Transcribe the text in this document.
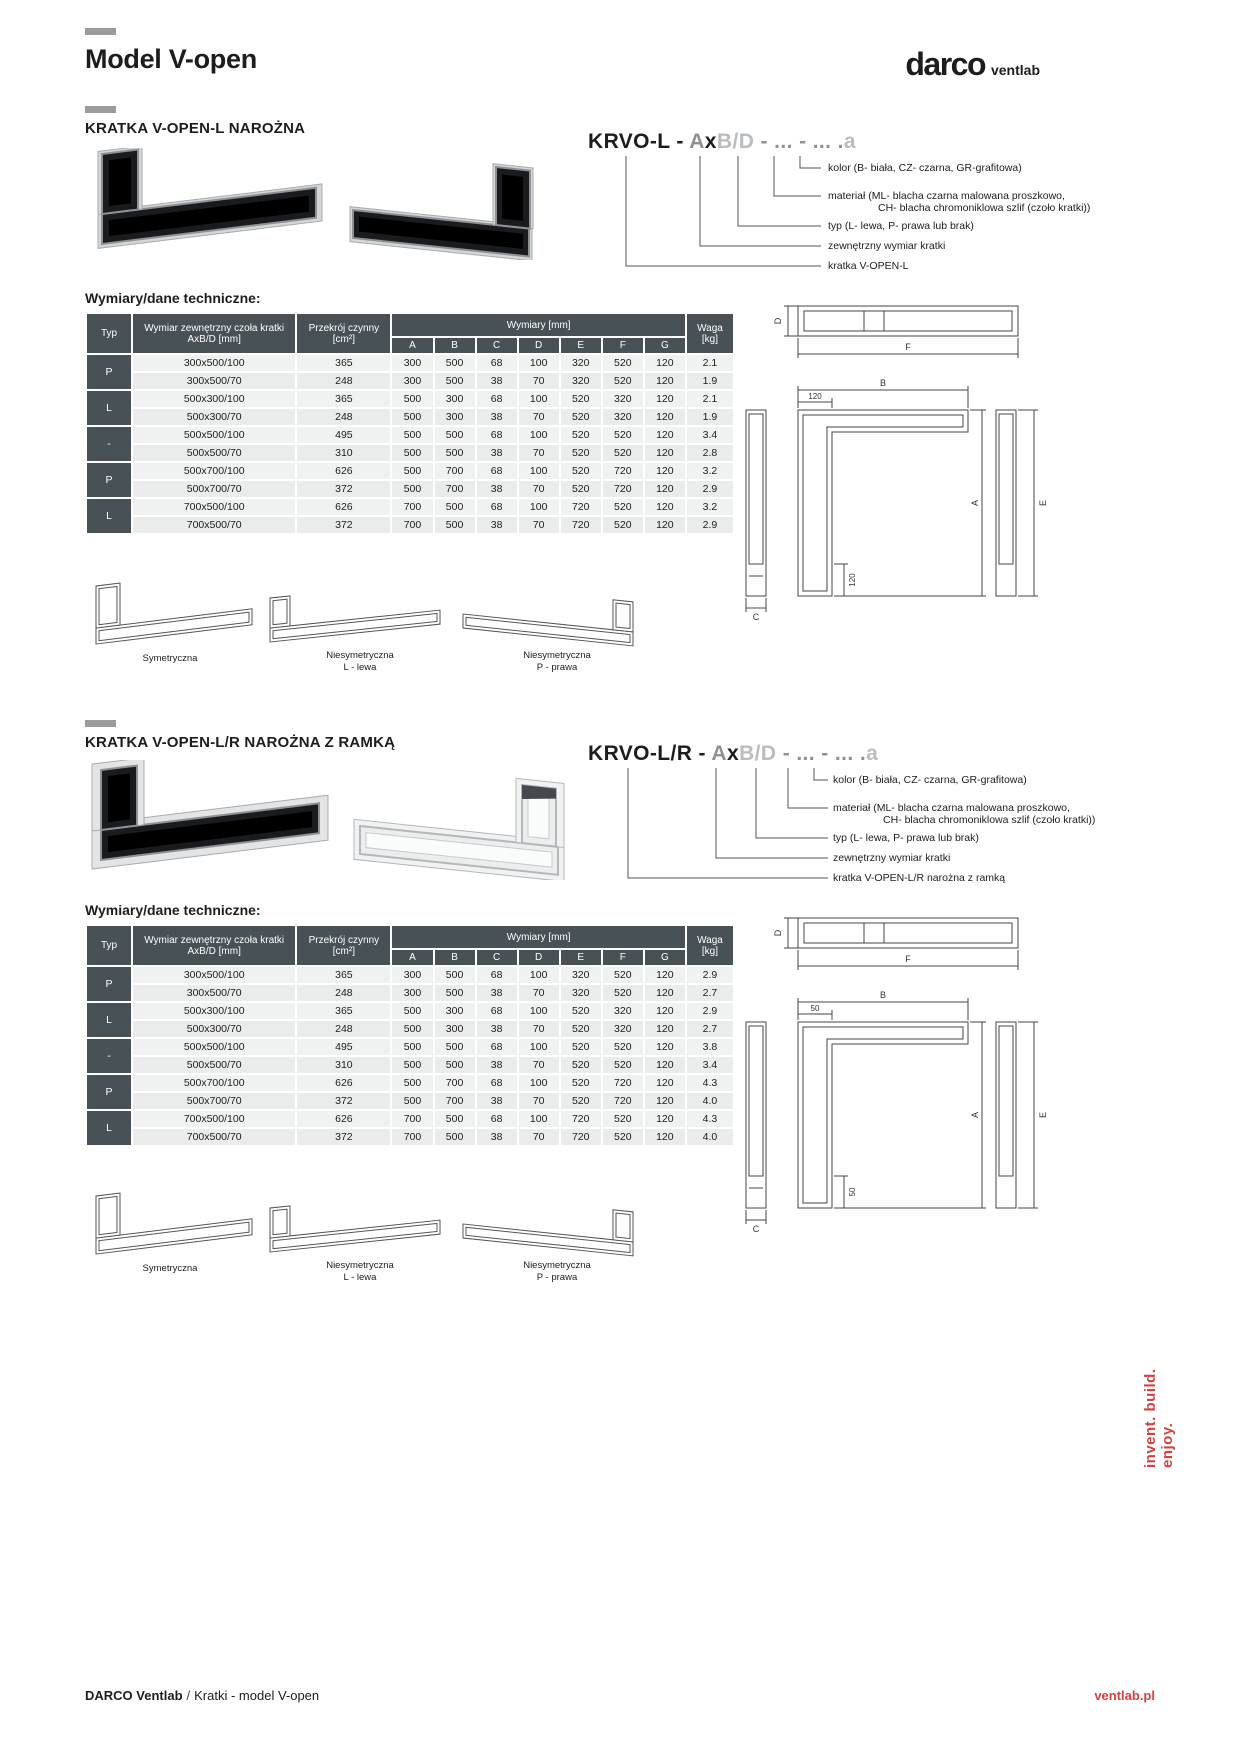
Model V-open	darco ventlab
KRATKA V-OPEN-L NAROŻNA
KRVO-L - AxB/D - ... - ... .a
kolor (B- biała, CZ- czarna, GR-grafitowa)
materiał (ML- blacha czarna malowana proszkowo,
CH- blacha chromoniklowa szlif (czoło kratki))
typ (L- lewa, P- prawa lub brak)
zewnętrzny wymiar kratki
kratka V-OPEN-L
Wymiary/dane techniczne:
Typ	Wymiar zewnętrzny czoła kratki AxB/D [mm]	Przekrój czynny [cm²]	Wymiary [mm]							Waga [kg]
			A	B	C	D	E	F	G	
P	300x500/100	365	300	500	68	100	320	520	120	2.1
	300x500/70	248	300	500	38	70	320	520	120	1.9
L	500x300/100	365	500	300	68	100	520	320	120	2.1
	500x300/70	248	500	300	38	70	520	320	120	1.9
-	500x500/100	495	500	500	68	100	520	520	120	3.4
	500x500/70	310	500	500	38	70	520	520	120	2.8
P	500x700/100	626	500	700	68	100	520	720	120	3.2
	500x700/70	372	500	700	38	70	520	720	120	2.9
L	700x500/100	626	700	500	68	100	720	520	120	3.2
	700x500/70	372	700	500	38	70	720	520	120	2.9
D
F
B
120
A
120
C
E
Symetryczna	Niesymetryczna
L - lewa
Niesymetryczna
P - prawa
KRATKA V-OPEN-L/R NAROŻNA Z RAMKĄ	KRVO-L/R - AxB/D - ... - ... .a
kolor (B- biała, CZ- czarna, GR-grafitowa)
materiał (ML- blacha czarna malowana proszkowo,
CH- blacha chromoniklowa szlif (czoło kratki))
typ (L- lewa, P- prawa lub brak)
zewnętrzny wymiar kratki
kratka V-OPEN-L/R narożna z ramką
Wymiary/dane techniczne:
Typ	Wymiar zewnętrzny czoła kratki AxB/D [mm]	Przekrój czynny [cm²]	Wymiary [mm]							Waga [kg]
			A	B	C	D	E	F	G	
P	300x500/100	365	300	500	68	100	320	520	120	2.9
	300x500/70	248	300	500	38	70	320	520	120	2.7
L	500x300/100	365	500	300	68	100	520	320	120	2.9
	500x300/70	248	500	300	38	70	520	320	120	2.7
-	500x500/100	495	500	500	68	100	520	520	120	3.8
	500x500/70	310	500	500	38	70	520	520	120	3.4
P	500x700/100	626	500	700	68	100	520	720	120	4.3
	500x700/70	372	500	700	38	70	520	720	120	4.0
L	700x500/100	626	700	500	68	100	720	520	120	4.3
	700x500/70	372	700	500	38	70	720	520	120	4.0
D
F
B
50
A
50
C
E
Symetryczna	Niesymetryczna
L - lewa
Niesymetryczna
P - prawa
invent. build. enjoy.
DARCO Ventlab / Kratki - model V-open	ventlab.pl
